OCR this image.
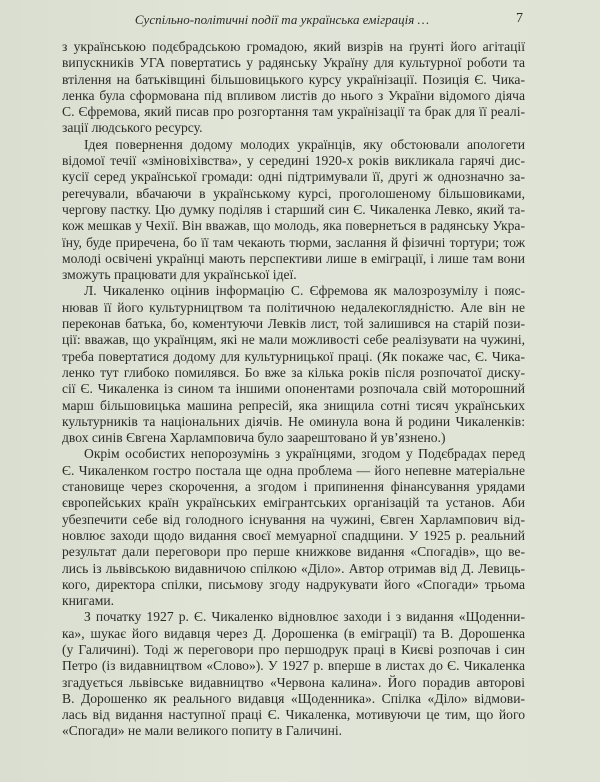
Суспільно-політичні події та українська еміграція …	7
з українською подєбрадською громадою, який визрів на ґрунті його агітації
випускників УГА повертатись у радянську Україну для культурної роботи та
втілення на батьківщині більшовицького курсу українізації. Позиція Є. Чика-
ленка була сформована під впливом листів до нього з України відомого діяча
С. Єфремова, який писав про розгортання там українізації та брак для її реалі-
зації людського ресурсу.
Ідея повернення додому молодих українців, яку обстоювали апологети
відомої течії «зміновіхівства», у середині 1920-х років викликала гарячі дис-
кусії серед української громади: одні підтримували її, другі ж однозначно за-
perечували, вбачаючи в українському курсі, проголошеному більшовиками,
чергову пастку. Цю думку поділяв і старший син Є. Чикаленка Левко, який та-
кож мешкав у Чехії. Він вважав, що молодь, яка повернеться в радянську Укра-
їну, буде приречена, бо її там чекають тюрми, заслання й фізичні тортури; тож
молоді освічені українці мають перспективи лише в еміграції, і лише там вони
зможуть працювати для української ідеї.
Л. Чикаленко оцінив інформацію С. Єфремова як малозрозумілу і пояс-
нював її його культурництвом та політичною недалекоглядністю. Але він не
переконав батька, бо, коментуючи Левків лист, той залишився на старій пози-
ції: вважав, що українцям, які не мали можливості себе реалізувати на чужині,
треба повертатися додому для культурницької праці. (Як покаже час, Є. Чика-
ленко тут глибоко помилявся. Бо вже за кілька років після розпочатої диску-
сії Є. Чикаленка із сином та іншими опонентами розпочала свій моторошний
марш більшовицька машина репресій, яка знищила сотні тисяч українських
культурників та національних діячів. Не оминула вона й родини Чикаленків:
двох синів Євгена Харламповича було заарештовано й ув’язнено.)
Окрім особистих непорозумінь з українцями, згодом у Подєбрадах перед
Є. Чикаленком гостро постала ще одна проблема — його непевне матеріальне
становище через скорочення, а згодом і припинення фінансування урядами
європейських країн українських емігрантських організацій та установ. Аби
убезпечити себе від голодного існування на чужині, Євген Харлампович від-
новлює заходи щодо видання своєї мемуарної спадщини. У 1925 р. реальний
результат дали переговори про перше книжкове видання «Спогадів», що ве-
лись із львівською видавничою спілкою «Діло». Автор отримав від Д. Левиць-
кого, директора спілки, письмову згоду надрукувати його «Спогади» трьома
книгами.
З початку 1927 р. Є. Чикаленко відновлює заходи і з видання «Щоденни-
ка», шукає його видавця через Д. Дорошенка (в еміграції) та В. Дорошенка
(у Галичині). Тоді ж переговори про першодрук праці в Києві розпочав і син
Петро (із видавництвом «Слово»). У 1927 р. вперше в листах до Є. Чикаленка
згадується львівське видавництво «Червона калина». Його порадив авторові
В. Дорошенко як реального видавця «Щоденника». Спілка «Діло» відмови-
лась від видання наступної праці Є. Чикаленка, мотивуючи це тим, що його
«Спогади» не мали великого попиту в Галичині.
